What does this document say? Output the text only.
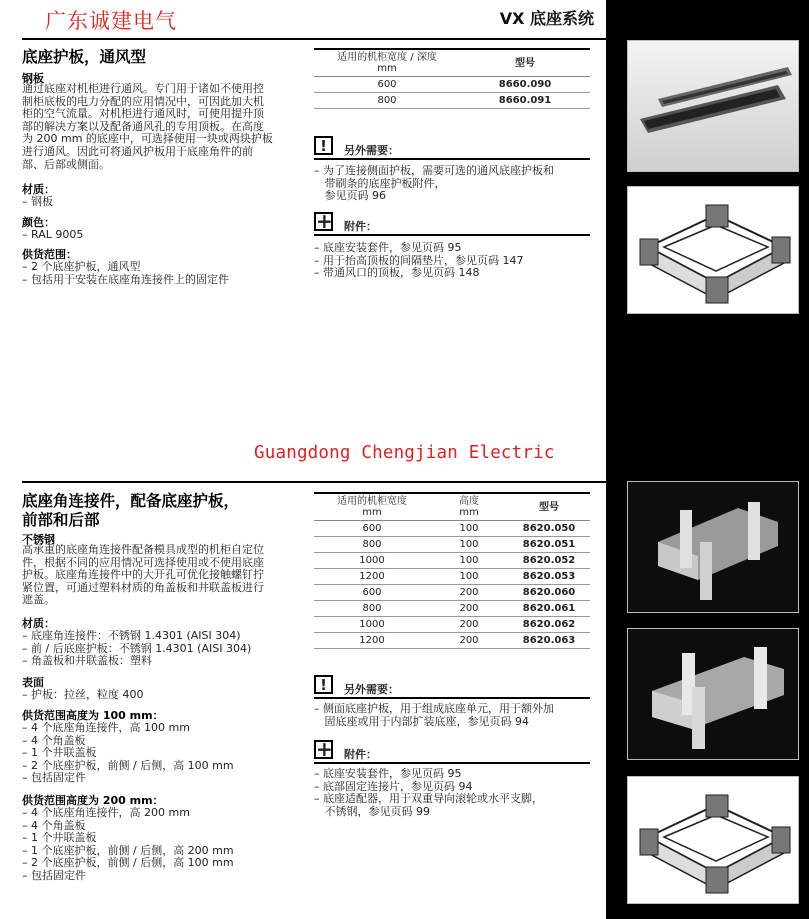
广东诚建电气	VX 底座系统
底座护板，通风型
钢板
通过底座对机柜进行通风。专门用于诸如不使用控
制柜底板的电力分配的应用情况中，可因此加大机
柜的空气流量。对机柜进行通风时，可使用提升顶
部的解决方案以及配备通风孔的专用顶板。在高度
为 200 mm 的底座中，可选择使用一块或两块护板
进行通风。因此可将通风护板用于底座角件的前
部、后部或侧面。
材质：
– 钢板
颜色：
– RAL 9005
供货范围：
– 2 个底座护板，通风型
– 包括用于安装在底座角连接件上的固定件
适用的机柜宽度 / 深度
mm	型号
600	8660.090
800	8660.091
!	另外需要：
– 为了连接侧面护板，需要可选的通风底座护板和
带刷条的底座护板附件，
参见页码 96
+ 附件：
– 底座安装套件，参见页码 95
– 用于抬高顶板的间隔垫片，参见页码 147
– 带通风口的顶板，参见页码 148
Guangdong Chengjian Electric
底座角连接件，配备底座护板，
前部和后部
不锈钢
高承重的底座角连接件配备模具成型的机柜自定位
件，根据不同的应用情况可选择使用或不使用底座
护板。底座角连接件中的大开孔可优化接触螺钉拧
紧位置，可通过塑料材质的角盖板和井联盖板进行
遮盖。
材质：
– 底座角连接件：不锈钢 1.4301 (AISI 304)
– 前 / 后底座护板：不锈钢 1.4301 (AISI 304)
– 角盖板和井联盖板：塑料
表面
– 护板：拉丝，粒度 400
供货范围高度为 100 mm：
– 4 个底座角连接件，高 100 mm
– 4 个角盖板
– 1 个井联盖板
– 2 个底座护板，前侧 / 后侧，高 100 mm
– 包括固定件
供货范围高度为 200 mm：
– 4 个底座角连接件，高 200 mm
– 4 个角盖板
– 1 个井联盖板
– 1 个底座护板，前侧 / 后侧，高 200 mm
– 2 个底座护板，前侧 / 后侧，高 100 mm
– 包括固定件
适用的机柜宽度
mm	高度
mm	型号
600	100	8620.050
800	100	8620.051
1000	100	8620.052
1200	100	8620.053
600	200	8620.060
800	200	8620.061
1000	200	8620.062
1200	200	8620.063
!	另外需要：
– 侧面底座护板，用于组成底座单元，用于额外加
固底座或用于内部扩装底座，参见页码 94
+ 附件：
– 底座安装套件，参见页码 95
– 底部固定连接片，参见页码 94
– 底座适配器，用于双重导向滚轮或水平支脚，
不锈钢，参见页码 99
